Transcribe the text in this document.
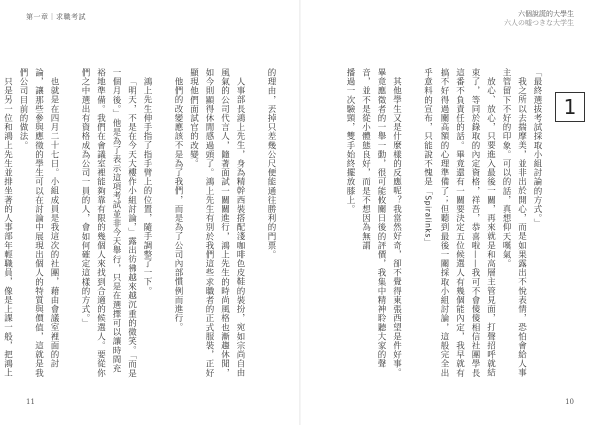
第一章｜求職考試

的理由，丟掉只差幾公尺便能通往勝利的門票。

人事部長鴻上先生，身為精幹西裝搭配淺咖啡色皮鞋的裝扮，宛如宗尚自由風氣的公司代言人，隨著面試一關關進行，鴻上先生的時尚風格也漸趨休閒，如今則顯得休閒感過頭了。鴻上先生有別於我們這些求職者的正式服裝，正好顯現他們面試官的改變。

他們的改變應該不是為了我們，而是為了公司內部慣例而進行。

鴻上先生伸手指了指手臂上的位置，隨手調整了一下。

「明天，不是在今天大樓作小組討論，」露出彷彿越來越沉重的微笑。「而是一個月後。」他是為了表示這項考試並非今天舉行，只是在選擇可以讓時間充裕地準備。我們在會議室裡能夠靠有限的幾個人來找到合適的候選人。要從你們之中選出有資格成為公司一員的人，會如何確定這樣的方式。」

也就是在四月二十七日。小組成員是我這次的社團，藉由會議室裡面的討論，讓那些參與應徵的學生可以在討論中展現出個人的特質與價值，這就是我們公司目前的做法。

只是另一位和鴻上先生並排坐著的人事部年輕職員，像是上課一般，把鴻上

11
六個說謊的大學生
六人の嘘つきな大学生
1

「最終選拔考試採取小組討論的方式。」

我之所以去揣摩美，並非出於開心，而是如果露出不悅表情，恐怕會給人事主管留下不好的印象。可以的話，真想仰天嘆氣。

放心、放心，只要進入最後一關，再來就是和高層主管見面，打聲招呼就結束了，等同於錄取的內定資格，祥吾，恭喜啦——我可不會傻傻相信社團學長這番不負責任的話。畢竟還有一關要決定五位候選人有幾個能內定，我早就有搞不好得過關高額的心理準備了；但聽到最後一關採取小組討論，這般完全出乎意料的宣布，只能說不愧是「Spiralinks」

其他學生又是什麼樣的反應呢？我當然好奇，卻不覺得東張西望是件好事。畢竟應徵者的一舉一動，很可能攸關日後的評價，我集中精神聆聽大家的聲音，並不是從小體態良好，而是不想因為無謂

播過一次驗頸，雙手始終擺放膝上。

10
